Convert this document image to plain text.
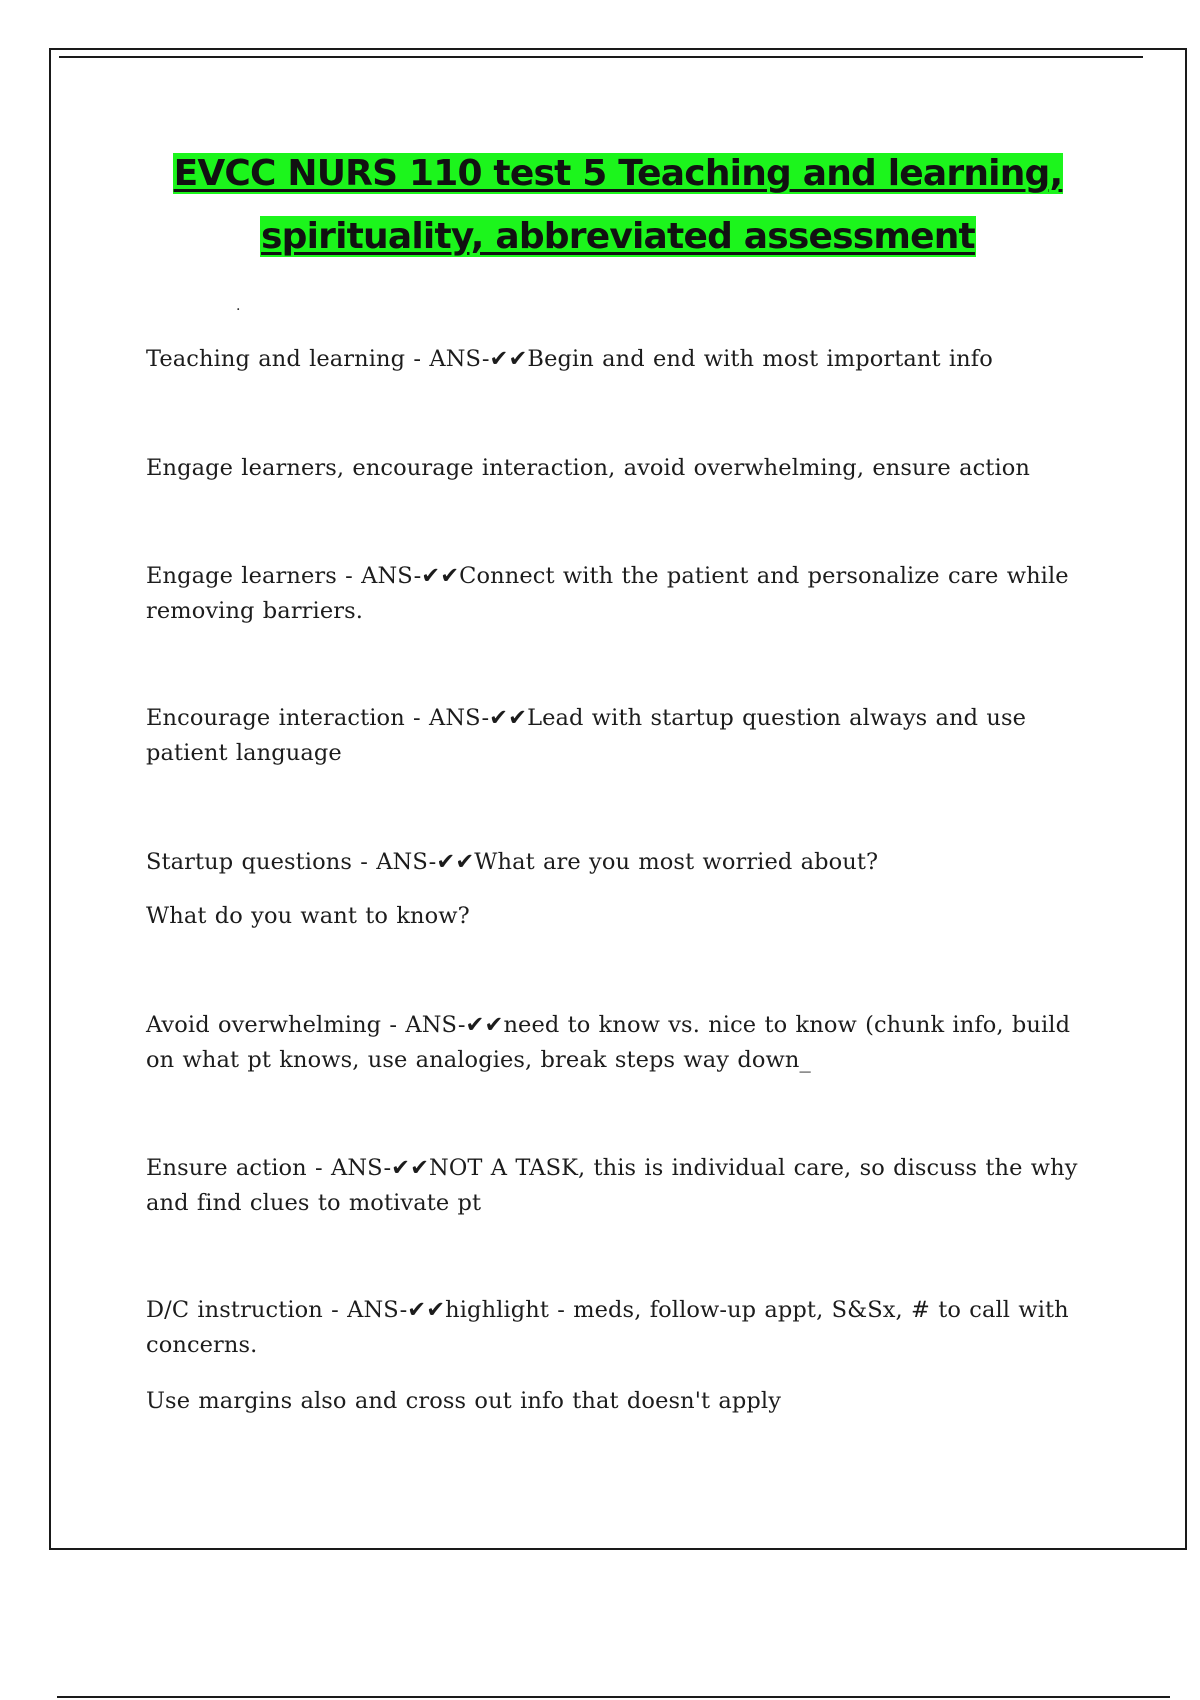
EVCC NURS 110 test 5 Teaching and learning,
spirituality, abbreviated assessment
.

Teaching and learning - ANS-✔✔Begin and end with most important info

Engage learners, encourage interaction, avoid overwhelming, ensure action

Engage learners - ANS-✔✔Connect with the patient and personalize care while removing barriers.

Encourage interaction - ANS-✔✔Lead with startup question always and use patient language

Startup questions - ANS-✔✔What are you most worried about?

What do you want to know?

Avoid overwhelming - ANS-✔✔need to know vs. nice to know (chunk info, build on what pt knows, use analogies, break steps way down_

Ensure action - ANS-✔✔NOT A TASK, this is individual care, so discuss the why and find clues to motivate pt

D/C instruction - ANS-✔✔highlight - meds, follow-up appt, S&Sx, # to call with concerns.

Use margins also and cross out info that doesn't apply
